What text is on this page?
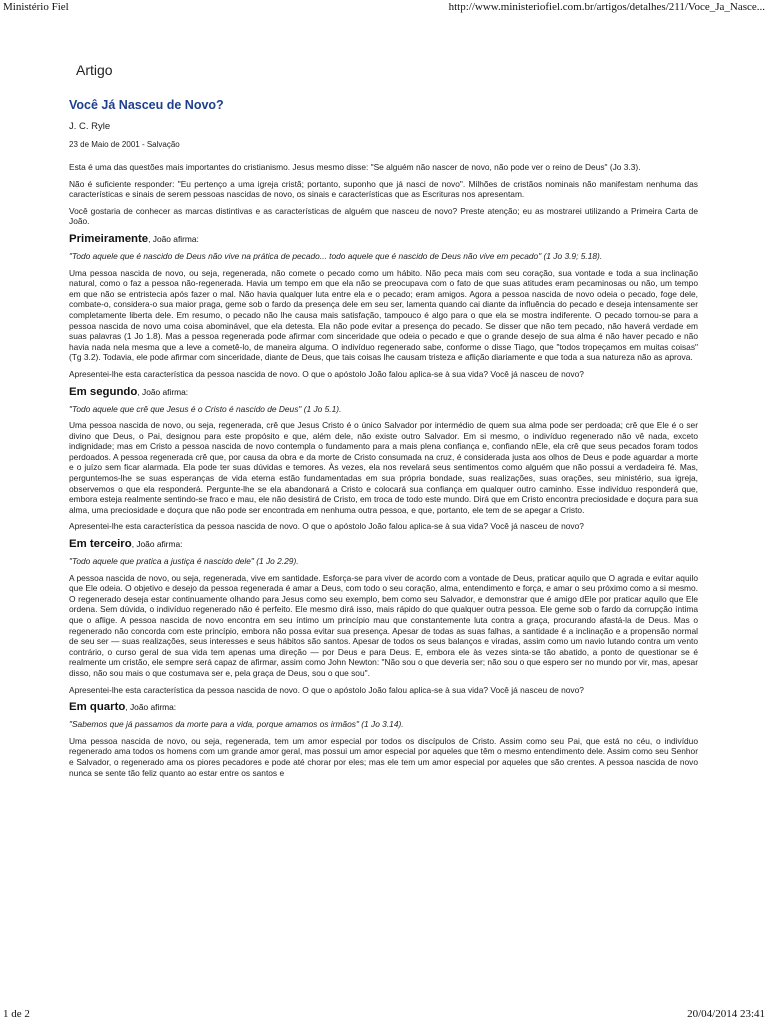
Ministério Fiel	http://www.ministeriofiel.com.br/artigos/detalhes/211/Voce_Ja_Nasce...
Artigo
Você Já Nasceu de Novo?
J. C. Ryle
23 de Maio de 2001 - Salvação

Esta é uma das questões mais importantes do cristianismo. Jesus mesmo disse: "Se alguém não nascer de novo, não pode ver o reino de Deus" (Jo 3.3).

Não é suficiente responder: "Eu pertenço a uma igreja cristã; portanto, suponho que já nasci de novo". Milhões de cristãos nominais não manifestam nenhuma das características e sinais de serem pessoas nascidas de novo, os sinais e características que as Escrituras nos apresentam.

Você gostaria de conhecer as marcas distintivas e as características de alguém que nasceu de novo? Preste atenção; eu as mostrarei utilizando a Primeira Carta de João.

Primeiramente, João afirma:

"Todo aquele que é nascido de Deus não vive na prática de pecado... todo aquele que é nascido de Deus não vive em pecado" (1 Jo 3.9; 5.18).

Uma pessoa nascida de novo, ou seja, regenerada, não comete o pecado como um hábito. Não peca mais com seu coração, sua vontade e toda a sua inclinação natural, como o faz a pessoa não-regenerada. Havia um tempo em que ela não se preocupava com o fato de que suas atitudes eram pecaminosas ou não, um tempo em que não se entristecia após fazer o mal. Não havia qualquer luta entre ela e o pecado; eram amigos. Agora a pessoa nascida de novo odeia o pecado, foge dele, combate-o, considera-o sua maior praga, geme sob o fardo da presença dele em seu ser, lamenta quando cai diante da influência do pecado e deseja intensamente ser completamente liberta dele. Em resumo, o pecado não lhe causa mais satisfação, tampouco é algo para o que ela se mostra indiferente. O pecado tornou-se para a pessoa nascida de novo uma coisa abominável, que ela detesta. Ela não pode evitar a presença do pecado. Se disser que não tem pecado, não haverá verdade em suas palavras (1 Jo 1.8). Mas a pessoa regenerada pode afirmar com sinceridade que odeia o pecado e que o grande desejo de sua alma é não haver pecado e não havia nada nela mesma que a leve a cometê-lo, de maneira alguma. O indivíduo regenerado sabe, conforme o disse Tiago, que "todos tropeçamos em muitas coisas" (Tg 3.2). Todavia, ele pode afirmar com sinceridade, diante de Deus, que tais coisas lhe causam tristeza e aflição diariamente e que toda a sua natureza não as aprova.

Apresentei-lhe esta característica da pessoa nascida de novo. O que o apóstolo João falou aplica-se à sua vida? Você já nasceu de novo?

Em segundo, João afirma:

"Todo aquele que crê que Jesus é o Cristo é nascido de Deus" (1 Jo 5.1).

Uma pessoa nascida de novo, ou seja, regenerada, crê que Jesus Cristo é o único Salvador por intermédio de quem sua alma pode ser perdoada; crê que Ele é o ser divino que Deus, o Pai, designou para este propósito e que, além dele, não existe outro Salvador. Em si mesmo, o indivíduo regenerado não vê nada, exceto indignidade; mas em Cristo a pessoa nascida de novo contempla o fundamento para a mais plena confiança e, confiando nEle, ela crê que seus pecados foram todos perdoados. A pessoa regenerada crê que, por causa da obra e da morte de Cristo consumada na cruz, é considerada justa aos olhos de Deus e pode aguardar a morte e o juízo sem ficar alarmada. Ela pode ter suas dúvidas e temores. Às vezes, ela nos revelará seus sentimentos como alguém que não possui a verdadeira fé. Mas, perguntemos-lhe se suas esperanças de vida eterna estão fundamentadas em sua própria bondade, suas realizações, suas orações, seu ministério, sua igreja, observemos o que ela responderá. Pergunte-lhe se ela abandonará a Cristo e colocará sua confiança em qualquer outro caminho. Esse indivíduo responderá que, embora esteja realmente sentindo-se fraco e mau, ele não desistirá de Cristo, em troca de todo este mundo. Dirá que em Cristo encontra preciosidade e doçura para sua alma, uma preciosidade e doçura que não pode ser encontrada em nenhuma outra pessoa, e que, portanto, ele tem de se apegar a Cristo.

Apresentei-lhe esta característica da pessoa nascida de novo. O que o apóstolo João falou aplica-se à sua vida? Você já nasceu de novo?

Em terceiro, João afirma:

"Todo aquele que pratica a justiça é nascido dele" (1 Jo 2.29).

A pessoa nascida de novo, ou seja, regenerada, vive em santidade. Esforça-se para viver de acordo com a vontade de Deus, praticar aquilo que O agrada e evitar aquilo que Ele odeia. O objetivo e desejo da pessoa regenerada é amar a Deus, com todo o seu coração, alma, entendimento e força, e amar o seu próximo como a si mesmo. O regenerado deseja estar continuamente olhando para Jesus como seu exemplo, bem como seu Salvador, e demonstrar que é amigo dEle por praticar aquilo que Ele ordena. Sem dúvida, o indivíduo regenerado não é perfeito. Ele mesmo dirá isso, mais rápido do que qualquer outra pessoa. Ele geme sob o fardo da corrupção íntima que o aflige. A pessoa nascida de novo encontra em seu íntimo um princípio mau que constantemente luta contra a graça, procurando afastá-la de Deus. Mas o regenerado não concorda com este princípio, embora não possa evitar sua presença. Apesar de todas as suas falhas, a santidade é a inclinação e a propensão normal de seu ser — suas realizações, seus interesses e seus hábitos são santos. Apesar de todos os seus balanços e viradas, assim como um navio lutando contra um vento contrário, o curso geral de sua vida tem apenas uma direção — por Deus e para Deus. E, embora ele às vezes sinta-se tão abatido, a ponto de questionar se é realmente um cristão, ele sempre será capaz de afirmar, assim como John Newton: "Não sou o que deveria ser; não sou o que espero ser no mundo por vir, mas, apesar disso, não sou mais o que costumava ser e, pela graça de Deus, sou o que sou".

Apresentei-lhe esta característica da pessoa nascida de novo. O que o apóstolo João falou aplica-se à sua vida? Você já nasceu de novo?

Em quarto, João afirma:

"Sabemos que já passamos da morte para a vida, porque amamos os irmãos" (1 Jo 3.14).

Uma pessoa nascida de novo, ou seja, regenerada, tem um amor especial por todos os discípulos de Cristo. Assim como seu Pai, que está no céu, o indivíduo regenerado ama todos os homens com um grande amor geral, mas possui um amor especial por aqueles que têm o mesmo entendimento dele. Assim como seu Senhor e Salvador, o regenerado ama os piores pecadores e pode até chorar por eles; mas ele tem um amor especial por aqueles que são crentes. A pessoa nascida de novo nunca se sente tão feliz quanto ao estar entre os santos e

1 de 2	20/04/2014 23:41
